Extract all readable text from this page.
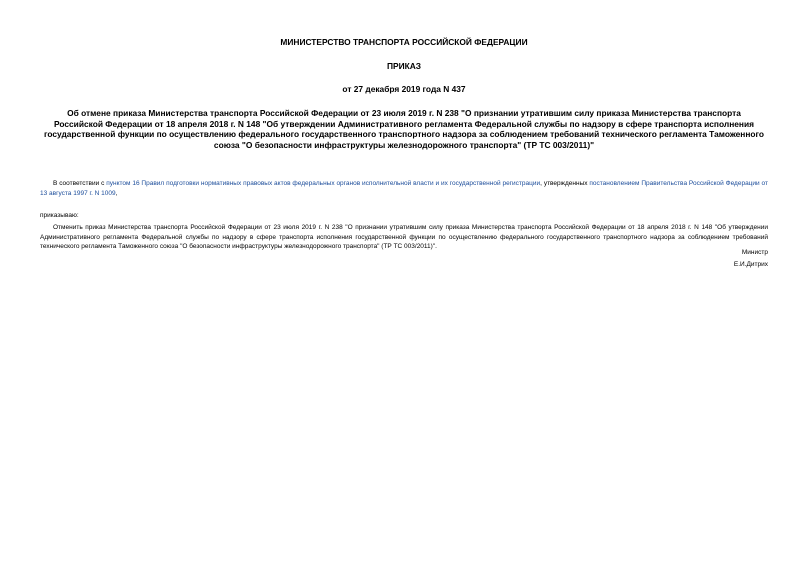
МИНИСТЕРСТВО ТРАНСПОРТА РОССИЙСКОЙ ФЕДЕРАЦИИ

ПРИКАЗ

от 27 декабря 2019 года N 437

Об отмене приказа Министерства транспорта Российской Федерации от 23 июля 2019 г. N 238 "О признании утратившим силу приказа Министерства транспорта Российской Федерации от 18 апреля 2018 г. N 148 "Об утверждении Административного регламента Федеральной службы по надзору в сфере транспорта исполнения государственной функции по осуществлению федерального государственного транспортного надзора за соблюдением требований технического регламента Таможенного союза "О безопасности инфраструктуры железнодорожного транспорта" (ТР ТС 003/2011)"

В соответствии с пунктом 16 Правил подготовки нормативных правовых актов федеральных органов исполнительной власти и их государственной регистрации, утвержденных постановлением Правительства Российской Федерации от 13 августа 1997 г. N 1009,

приказываю:

Отменить приказ Министерства транспорта Российской Федерации от 23 июля 2019 г. N 238 "О признании утратившим силу приказа Министерства транспорта Российской Федерации от 18 апреля 2018 г. N 148 "Об утверждении Административного регламента Федеральной службы по надзору в сфере транспорта исполнения государственной функции по осуществлению федерального государственного транспортного надзора за соблюдением требований технического регламента Таможенного союза "О безопасности инфраструктуры железнодорожного транспорта" (ТР ТС 003/2011)".

Министр
Е.И.Дитрих
